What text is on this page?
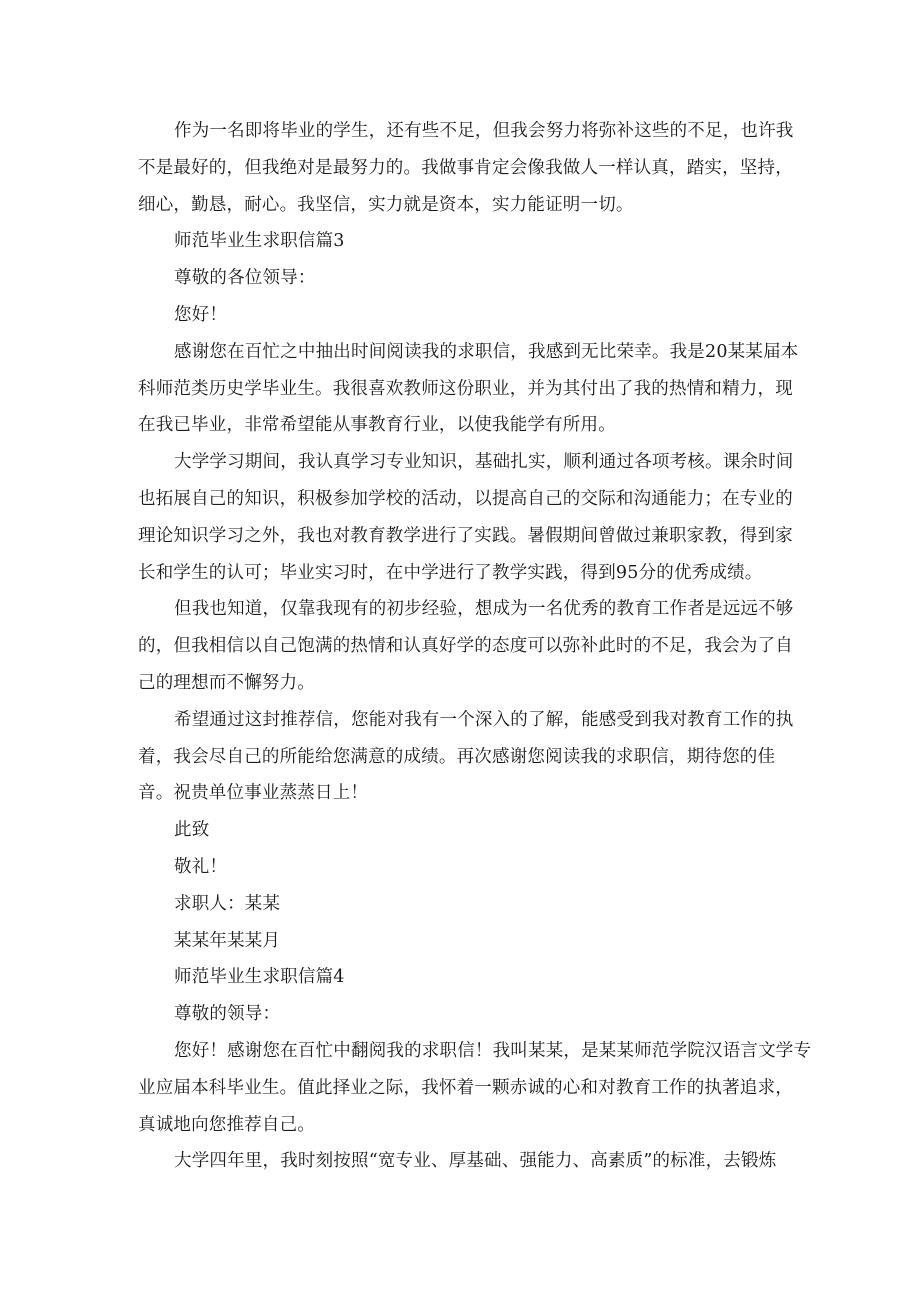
作为一名即将毕业的学生，还有些不足，但我会努力将弥补这些的不足，也许我
不是最好的，但我绝对是最努力的。我做事肯定会像我做人一样认真，踏实，坚持，
细心，勤恳，耐心。我坚信，实力就是资本，实力能证明一切。
师范毕业生求职信篇3
尊敬的各位领导：
您好！
感谢您在百忙之中抽出时间阅读我的求职信，我感到无比荣幸。我是20某某届本
科师范类历史学毕业生。我很喜欢教师这份职业，并为其付出了我的热情和精力，现
在我已毕业，非常希望能从事教育行业，以使我能学有所用。
大学学习期间，我认真学习专业知识，基础扎实，顺利通过各项考核。课余时间
也拓展自己的知识，积极参加学校的活动，以提高自己的交际和沟通能力；在专业的
理论知识学习之外，我也对教育教学进行了实践。暑假期间曾做过兼职家教，得到家
长和学生的认可；毕业实习时，在中学进行了教学实践，得到95分的优秀成绩。
但我也知道，仅靠我现有的初步经验，想成为一名优秀的教育工作者是远远不够
的，但我相信以自己饱满的热情和认真好学的态度可以弥补此时的不足，我会为了自
己的理想而不懈努力。
希望通过这封推荐信，您能对我有一个深入的了解，能感受到我对教育工作的执
着，我会尽自己的所能给您满意的成绩。再次感谢您阅读我的求职信，期待您的佳
音。祝贵单位事业蒸蒸日上！
此致
敬礼！
求职人：某某
某某年某某月
师范毕业生求职信篇4
尊敬的领导：
您好！感谢您在百忙中翻阅我的求职信！我叫某某，是某某师范学院汉语言文学专
业应届本科毕业生。值此择业之际，我怀着一颗赤诚的心和对教育工作的执著追求，
真诚地向您推荐自己。
大学四年里，我时刻按照“宽专业、厚基础、强能力、高素质”的标准，去锻炼
